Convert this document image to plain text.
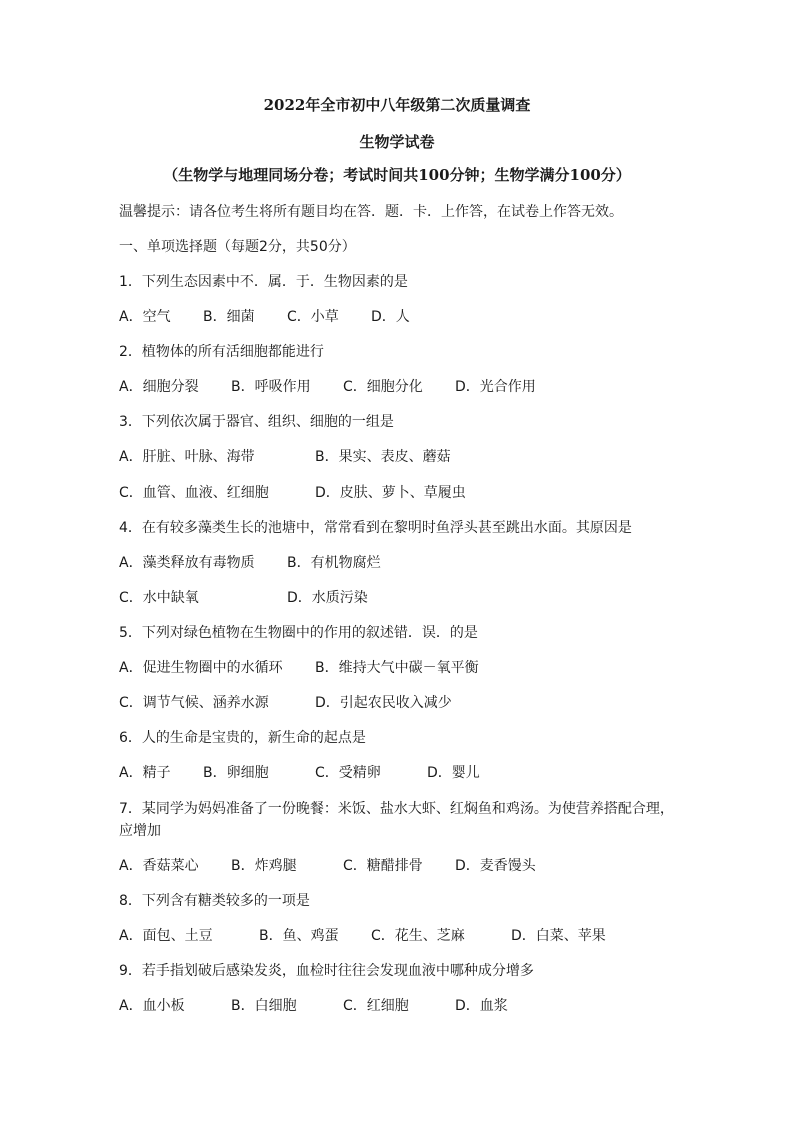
2022年全市初中八年级第二次质量调查
生物学试卷
（生物学与地理同场分卷；考试时间共100分钟；生物学满分100分）
温馨提示：请各位考生将所有题目均在答．题．卡．上作答，在试卷上作答无效。
一、单项选择题（每题2分，共50分）
1．下列生态因素中不．属．于．生物因素的是
A．空气 B．细菌 C．小草 D．人
2．植物体的所有活细胞都能进行
A．细胞分裂 B．呼吸作用 C．细胞分化 D．光合作用
3．下列依次属于器官、组织、细胞的一组是
A．肝脏、叶脉、海带	B．果实、表皮、蘑菇
C．血管、血液、红细胞	D．皮肤、萝卜、草履虫
4．在有较多藻类生长的池塘中，常常看到在黎明时鱼浮头甚至跳出水面。其原因是
A．藻类释放有毒物质 B．有机物腐烂
C．水中缺氧	D．水质污染
5．下列对绿色植物在生物圈中的作用的叙述错．误．的是
A．促进生物圈中的水循环 B．维持大气中碳－氧平衡
C．调节气候、涵养水源	D．引起农民收入减少
6．人的生命是宝贵的，新生命的起点是
A．精子 B．卵细胞	C．受精卵	D．婴儿
7．某同学为妈妈准备了一份晚餐：米饭、盐水大虾、红焖鱼和鸡汤。为使营养搭配合理，应增加
A．香菇菜心 B．炸鸡腿	C．糖醋排骨 D．麦香馒头
8．下列含有糖类较多的一项是
A．面包、土豆	B．鱼、鸡蛋 C．花生、芝麻	D．白菜、苹果
9．若手指划破后感染发炎，血检时往往会发现血液中哪种成分增多
A．血小板	B．白细胞	C．红细胞	D．血浆
